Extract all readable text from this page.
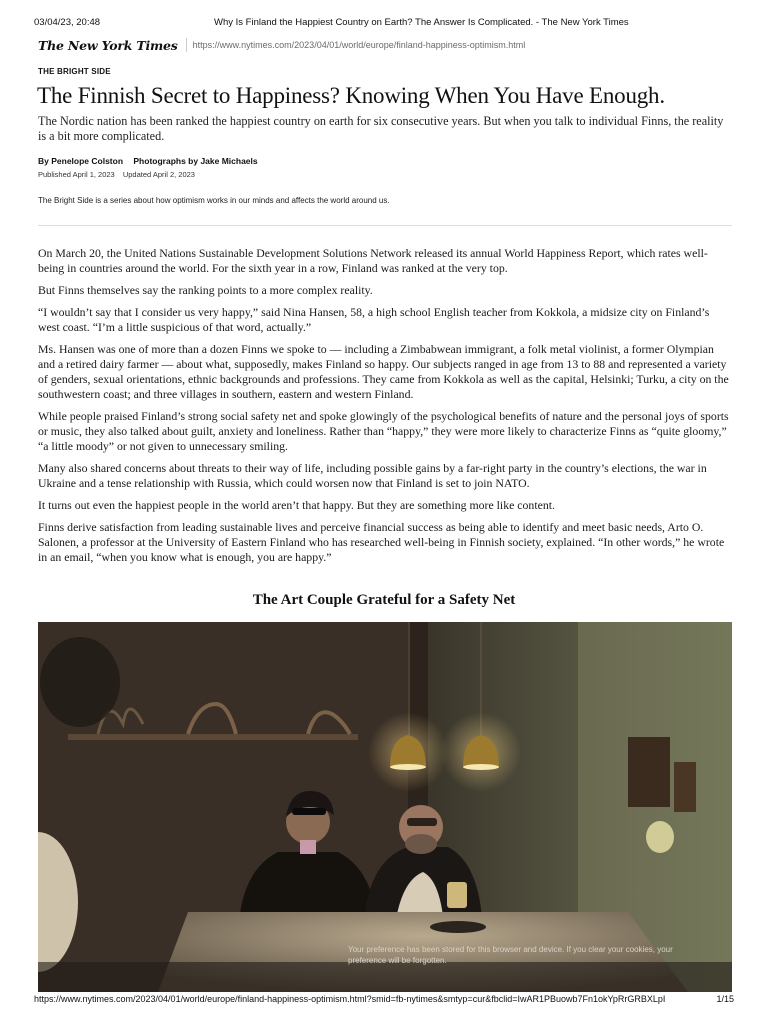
03/04/23, 20:48	Why Is Finland the Happiest Country on Earth? The Answer Is Complicated. - The New York Times
The New York Times	https://www.nytimes.com/2023/04/01/world/europe/finland-happiness-optimism.html
THE BRIGHT SIDE
The Finnish Secret to Happiness? Knowing When You Have Enough.

The Nordic nation has been ranked the happiest country on earth for six consecutive years. But when you talk to individual Finns, the reality is a bit more complicated.

By Penelope Colston Photographs by Jake Michaels
Published April 1, 2023 Updated April 2, 2023
The Bright Side is a series about how optimism works in our minds and affects the world around us.

On March 20, the United Nations Sustainable Development Solutions Network released its annual World Happiness Report, which rates well-being in countries around the world. For the sixth year in a row, Finland was ranked at the very top.

But Finns themselves say the ranking points to a more complex reality.

“I wouldn’t say that I consider us very happy,” said Nina Hansen, 58, a high school English teacher from Kokkola, a midsize city on Finland’s west coast. “I’m a little suspicious of that word, actually.”

Ms. Hansen was one of more than a dozen Finns we spoke to — including a Zimbabwean immigrant, a folk metal violinist, a former Olympian and a retired dairy farmer — about what, supposedly, makes Finland so happy. Our subjects ranged in age from 13 to 88 and represented a variety of genders, sexual orientations, ethnic backgrounds and professions. They came from Kokkola as well as the capital, Helsinki; Turku, a city on the southwestern coast; and three villages in southern, eastern and western Finland.

While people praised Finland’s strong social safety net and spoke glowingly of the psychological benefits of nature and the personal joys of sports or music, they also talked about guilt, anxiety and loneliness. Rather than “happy,” they were more likely to characterize Finns as “quite gloomy,” “a little moody” or not given to unnecessary smiling.

Many also shared concerns about threats to their way of life, including possible gains by a far-right party in the country’s elections, the war in Ukraine and a tense relationship with Russia, which could worsen now that Finland is set to join NATO.

It turns out even the happiest people in the world aren’t that happy. But they are something more like content.

Finns derive satisfaction from leading sustainable lives and perceive financial success as being able to identify and meet basic needs, Arto O. Salonen, a professor at the University of Eastern Finland who has researched well-being in Finnish society, explained. “In other words,” he wrote in an email, “when you know what is enough, you are happy.”

The Art Couple Grateful for a Safety Net
Your preference has been stored for this browser and device. If you clear your cookies, your preference will be forgotten.
https://www.nytimes.com/2023/04/01/world/europe/finland-happiness-optimism.html?smid=fb-nytimes&smtyp=cur&fbclid=IwAR1PBuowb7Fn1okYpRrGRBXLpI	1/15
